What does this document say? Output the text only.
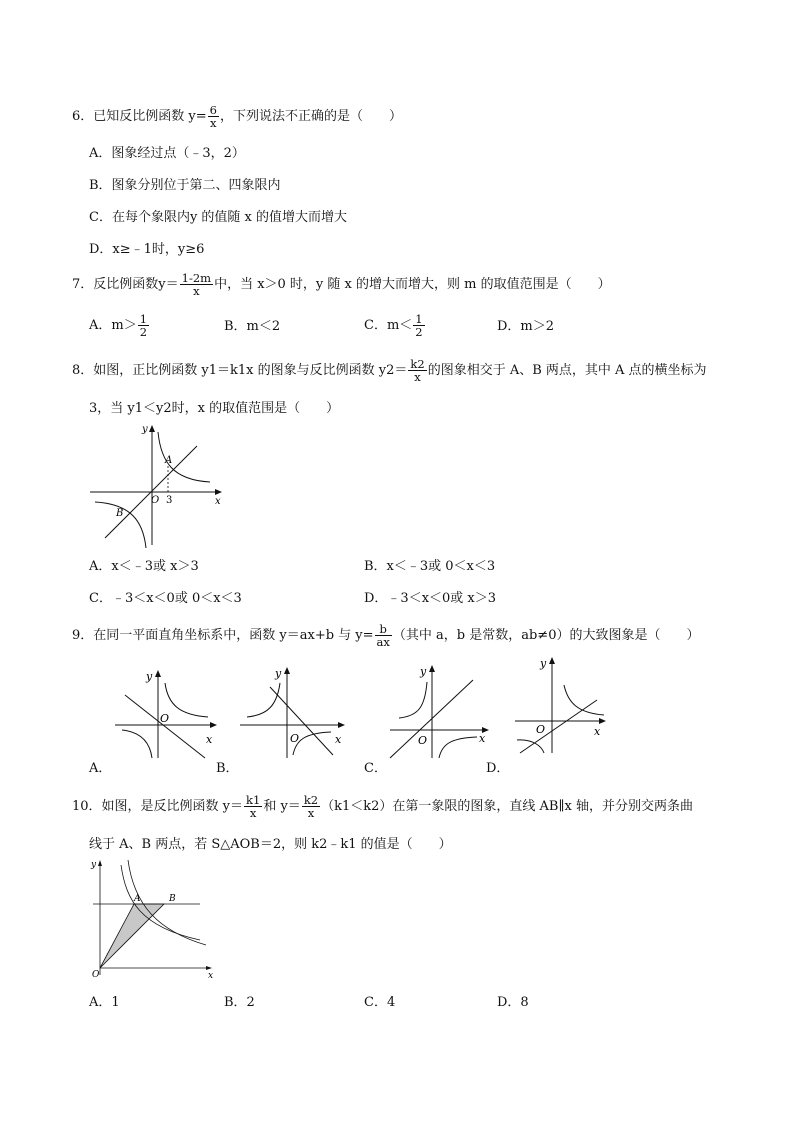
6．已知反比例函数 $y= \frac{6}{x}$ ，下列说法不正确的是（　　）
A．图象经过点（﹣3，2）
B．图象分别位于第二、四象限内
C．在每个象限内y 的值随 x 的值增大而增大
D．x≥﹣1时，y≥6
7．反比例函数$y= \frac{1-2m}{x}$ 中，当 x＞0 时，y 随 x 的增大而增大，则 m 的取值范围是（　　）
A．$m> \frac{1}{2}$	B．m＜2	C．$m< \frac{1}{2}$	D．m＞2
8．如图，正比例函数 y1＝k1x 的图象与反比例函数 $y2= \frac{k2}{x}$ 的图象相交于 A、B 两点，其中 A 点的横坐标为
3，当 y1＜y2时，x 的取值范围是（　　）
y
x
O
A
B
3
A．x＜﹣3或 x＞3	B．x＜﹣3或 0＜x＜3
C．﹣3＜x＜0或 0＜x＜3	D．﹣3＜x＜0或 x＞3
9．在同一平面直角坐标系中，函数 y＝ax+b 与 $y= \frac{b}{ax}$ （其中 a，b 是常数，ab≠0）的大致图象是（　　）
y
x
O
A．
y
x
O
B．
y
x
O
C．
y
x
O
D．
10．如图，是反比例函数 $y= \frac{k1}{x}$ 和 $y= \frac{k2}{x} (k1<k2)$在第一象限的图象，直线 AB∥x 轴，并分别交两条曲
线于 A、B 两点，若 S△AOB＝2，则 k2﹣k1 的值是（　　）
y
x
O
A	B
A．1	B．2	C．4	D．8
